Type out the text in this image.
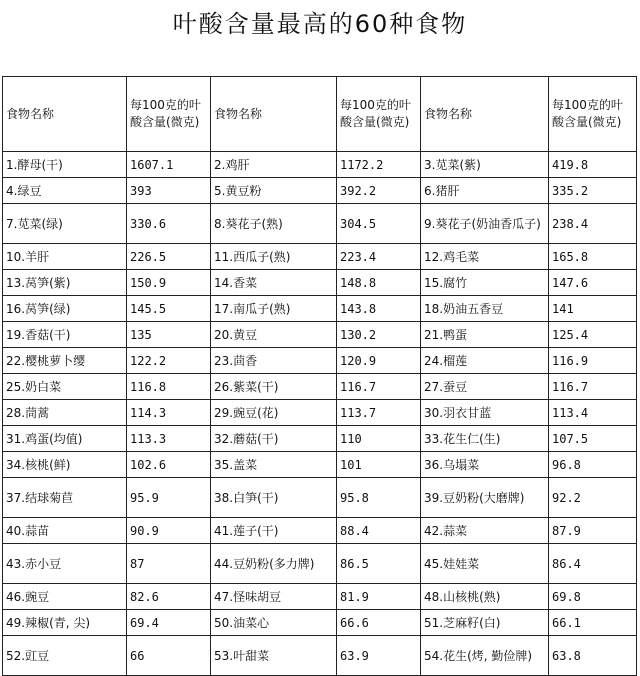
叶酸含量最高的60种食物
食物名称	每100克的叶酸含量(微克)	食物名称	每100克的叶酸含量(微克)	食物名称	每100克的叶酸含量(微克)
1.酵母(干)	1607.1	2.鸡肝	1172.2	3.苋菜(紫)	419.8
4.绿豆	393	5.黄豆粉	392.2	6.猪肝	335.2
7.苋菜(绿)	330.6	8.葵花子(熟)	304.5	9.葵花子(奶油香瓜子)	238.4
10.羊肝	226.5	11.西瓜子(熟)	223.4	12.鸡毛菜	165.8
13.莴笋(紫)	150.9	14.香菜	148.8	15.腐竹	147.6
16.莴笋(绿)	145.5	17.南瓜子(熟)	143.8	18.奶油五香豆	141
19.香菇(干)	135	20.黄豆	130.2	21.鸭蛋	125.4
22.樱桃萝卜缨	122.2	23.茴香	120.9	24.榴莲	116.9
25.奶白菜	116.8	26.紫菜(干)	116.7	27.蚕豆	116.7
28.茼蒿	114.3	29.豌豆(花)	113.7	30.羽衣甘蓝	113.4
31.鸡蛋(均值)	113.3	32.蘑菇(干)	110	33.花生仁(生)	107.5
34.核桃(鲜)	102.6	35.盖菜	101	36.乌塌菜	96.8
37.结球菊苣	95.9	38.白笋(干)	95.8	39.豆奶粉(大磨牌)	92.2
40.蒜苗	90.9	41.莲子(干)	88.4	42.蒜菜	87.9
43.赤小豆	87	44.豆奶粉(多力牌)	86.5	45.娃娃菜	86.4
46.豌豆	82.6	47.怪味胡豆	81.9	48.山核桃(熟)	69.8
49.辣椒(青, 尖)	69.4	50.油菜心	66.6	51.芝麻籽(白)	66.1
52.豇豆	66	53.叶甜菜	63.9	54.花生(烤, 勤俭牌)	63.8
